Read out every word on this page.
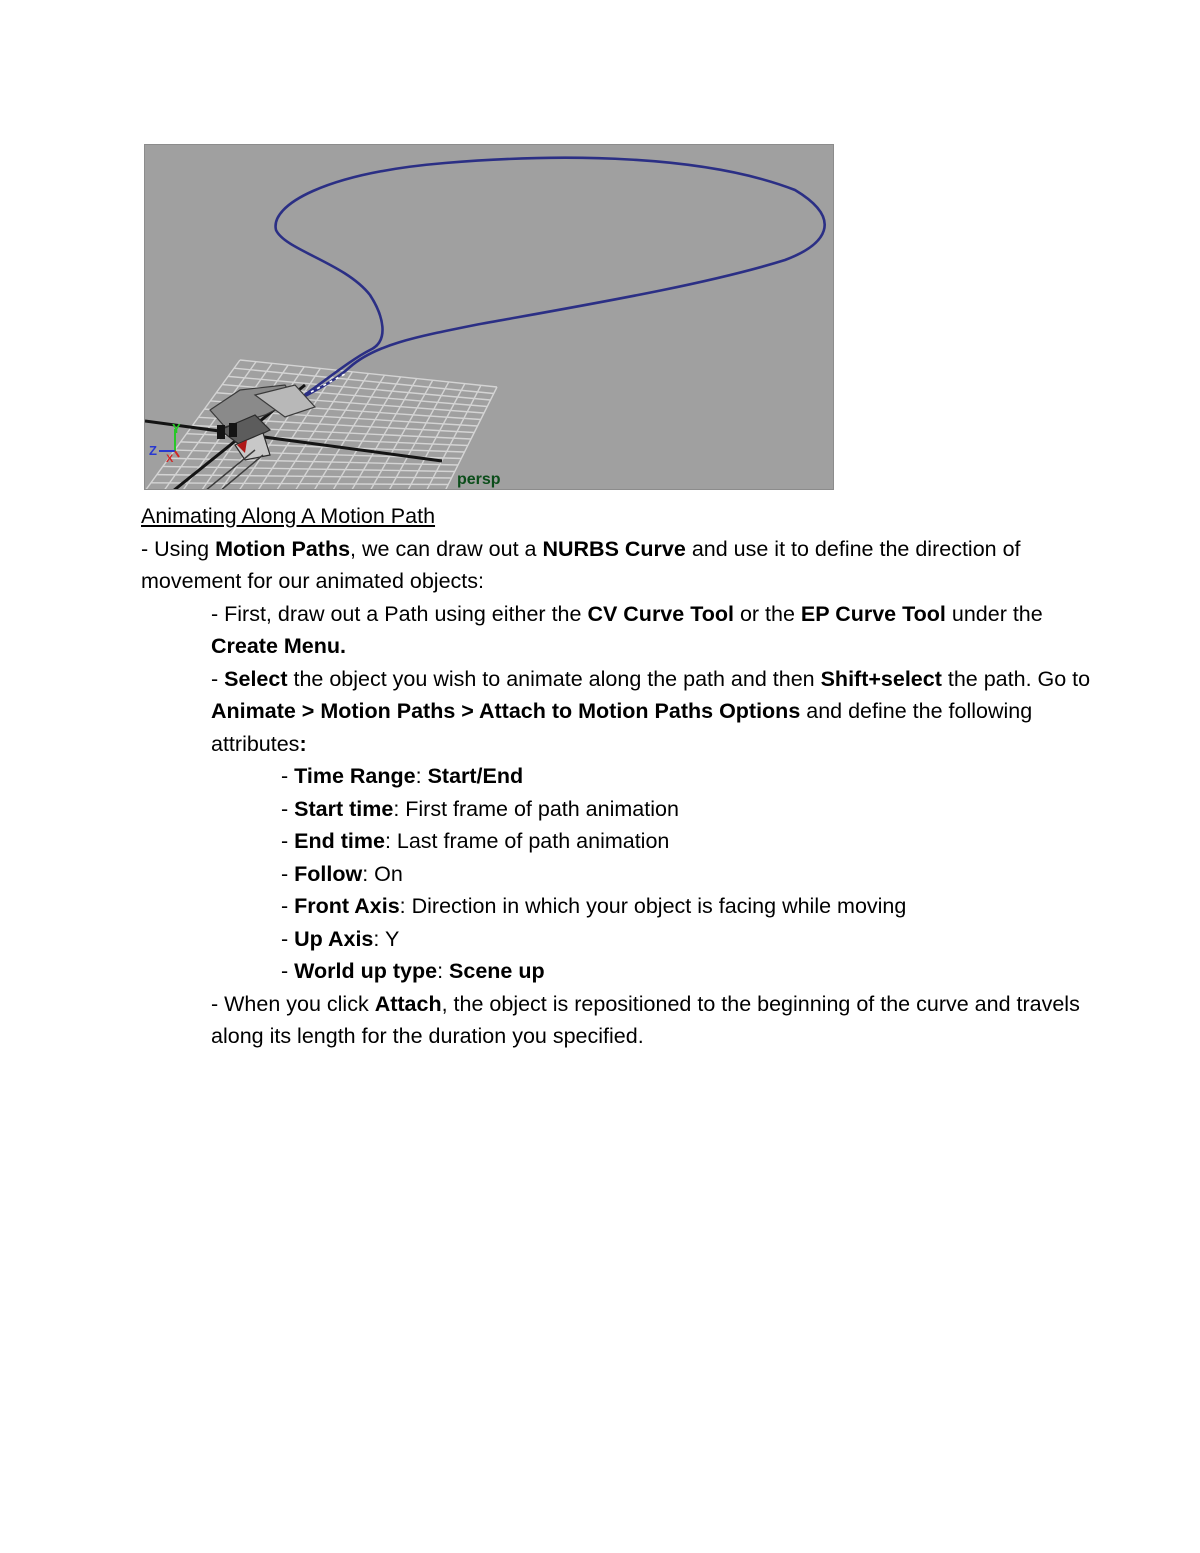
Y
Z
X
persp

Animating Along A Motion Path

- Using Motion Paths, we can draw out a NURBS Curve and use it to define the direction of movement for our animated objects:

- First, draw out a Path using either the CV Curve Tool or the EP Curve Tool under the Create Menu.

- Select the object you wish to animate along the path and then Shift+select the path. Go to Animate > Motion Paths > Attach to Motion Paths Options and define the following attributes:

- Time Range: Start/End

- Start time: First frame of path animation

- End time: Last frame of path animation

- Follow: On

- Front Axis: Direction in which your object is facing while moving

- Up Axis: Y

- World up type: Scene up

- When you click Attach, the object is repositioned to the beginning of the curve and travels along its length for the duration you specified.
